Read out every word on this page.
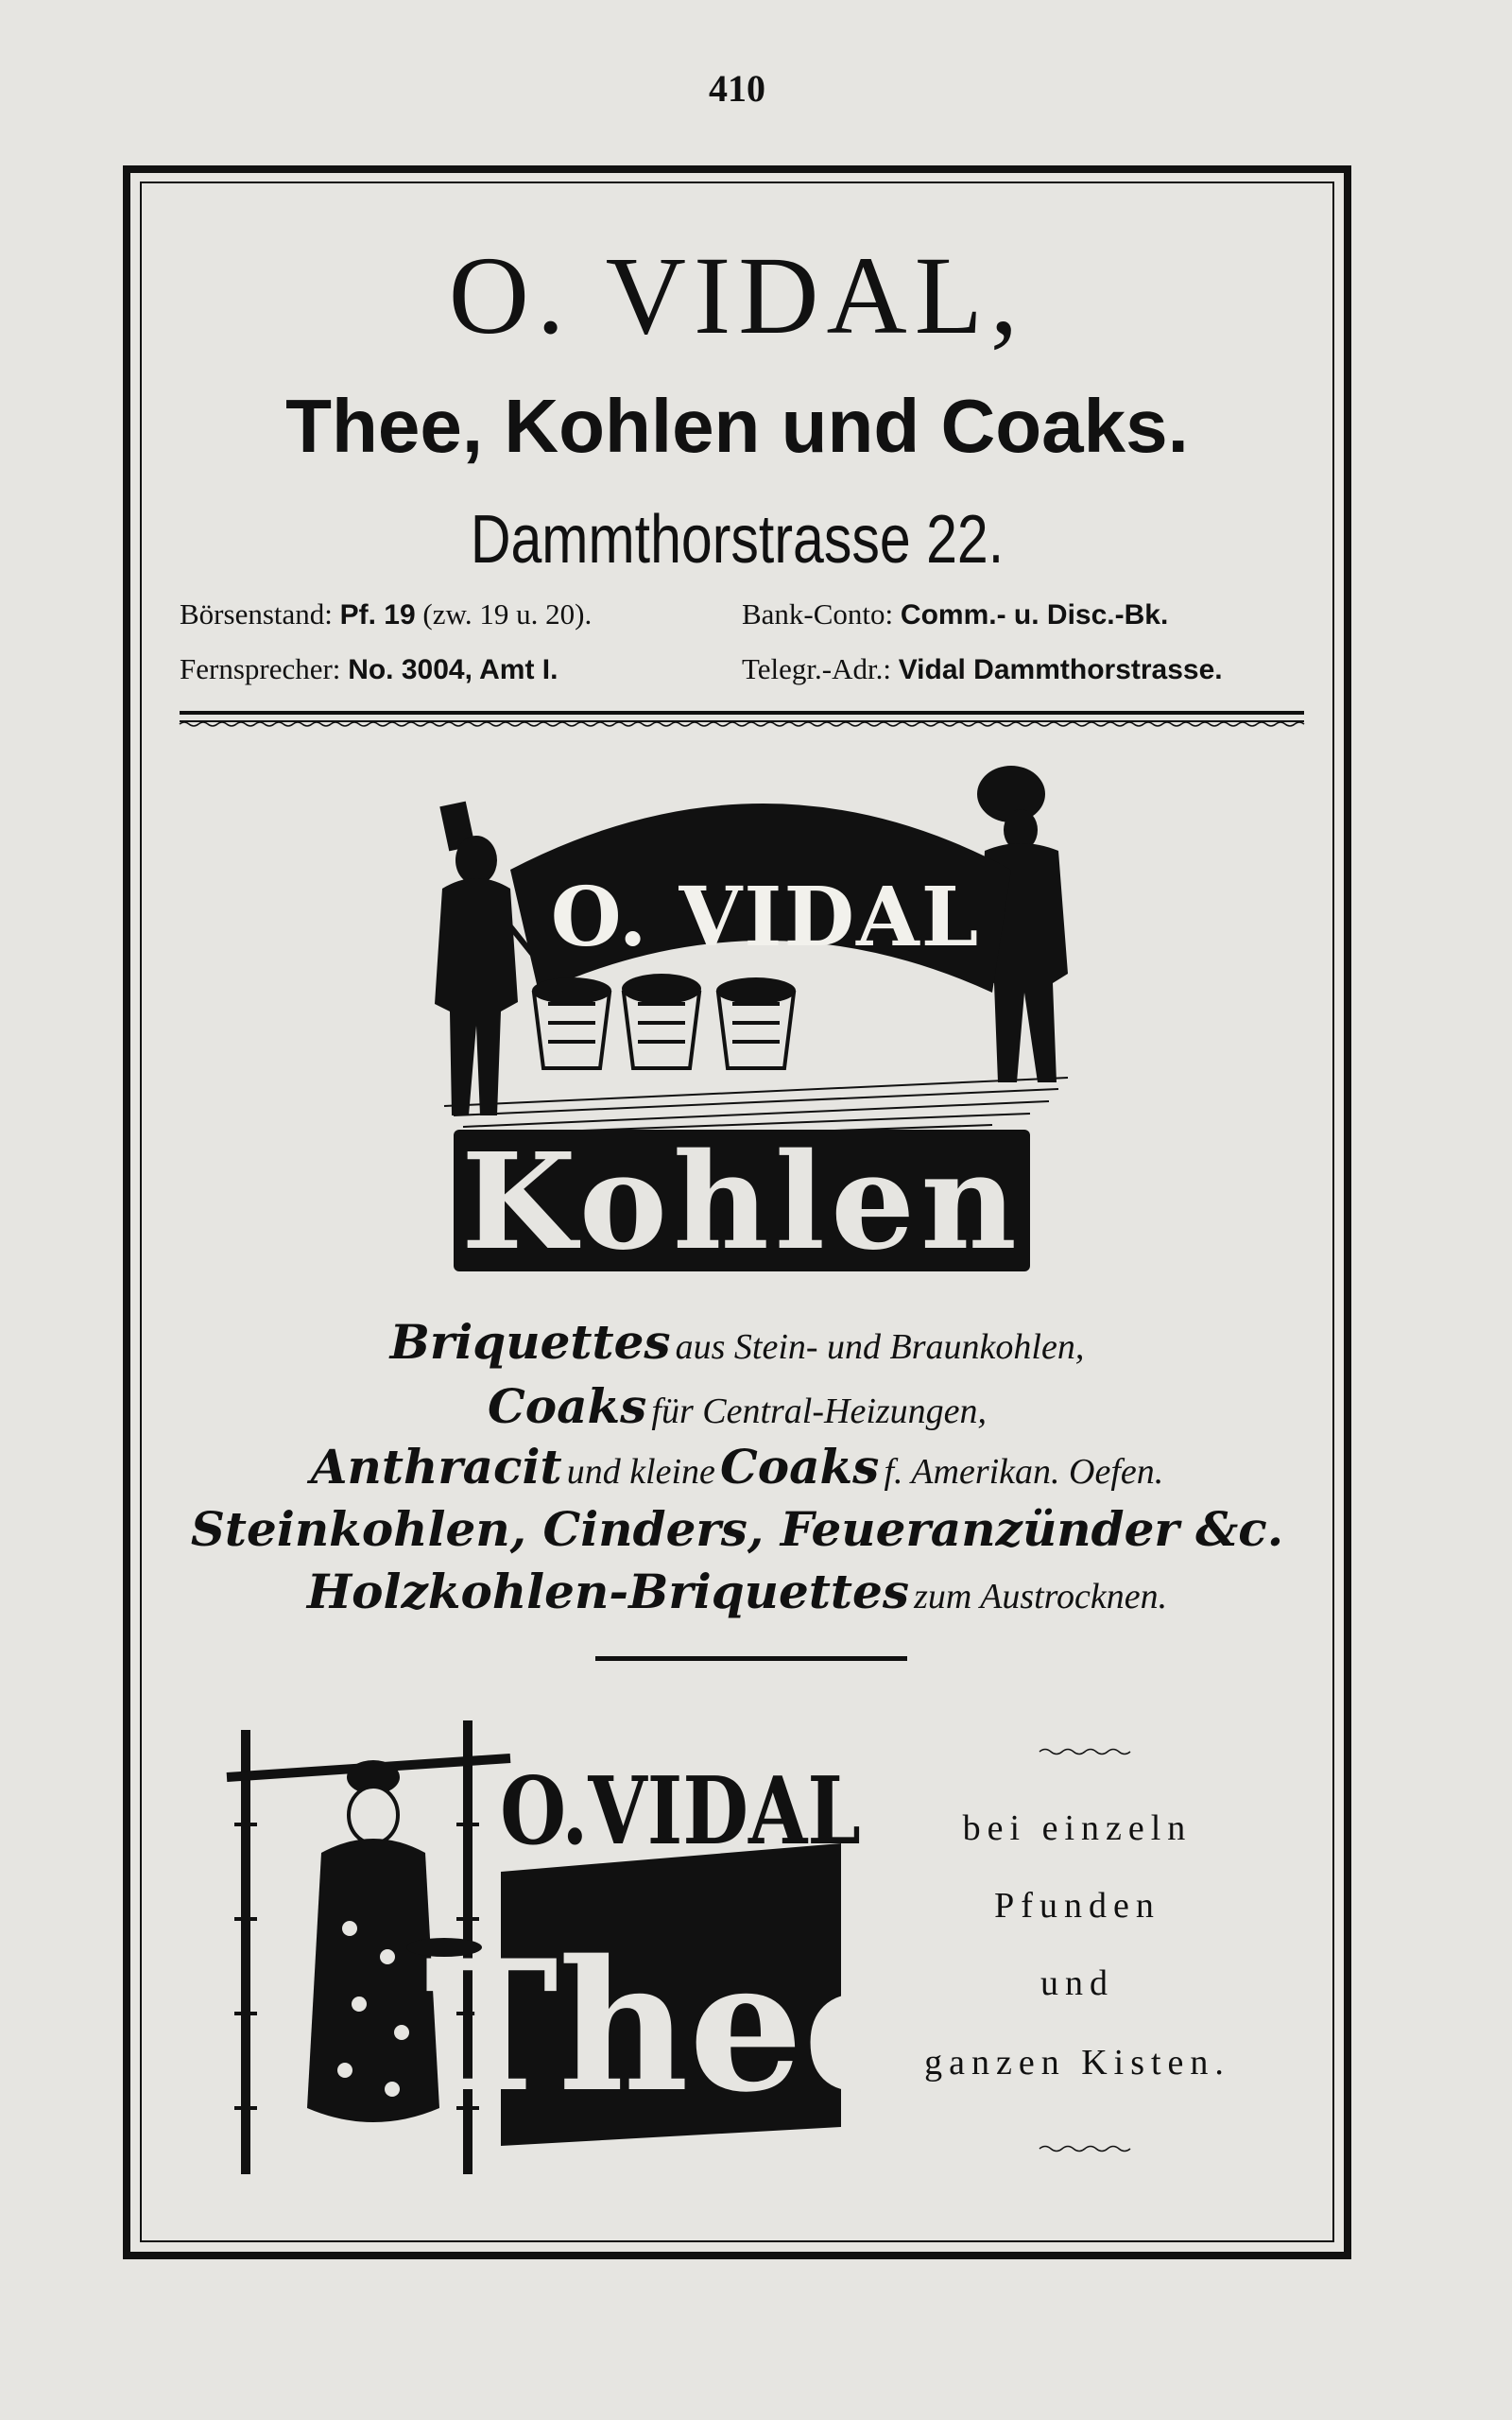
410
O. VIDAL,
Thee, Kohlen und Coaks.
Dammthorstrasse 22.
Börsenstand: Pf. 19 (zw. 19 u. 20).	Bank-Conto: Comm.- u. Disc.-Bk.
Fernsprecher: No. 3004, Amt I.	Telegr.-Adr.: Vidal Dammthorstrasse.
O. VIDAL
Kohlen
Briquettes aus Stein- und Braunkohlen,
Coaks für Central-Heizungen,
Anthracit und kleine Coaks f. Amerikan. Oefen.
Steinkohlen, Cinders, Feueranzünder &c.
Holzkohlen-Briquettes zum Austrocknen.
O.VIDAL
Thee
bei einzeln
Pfunden
und
ganzen Kisten.
